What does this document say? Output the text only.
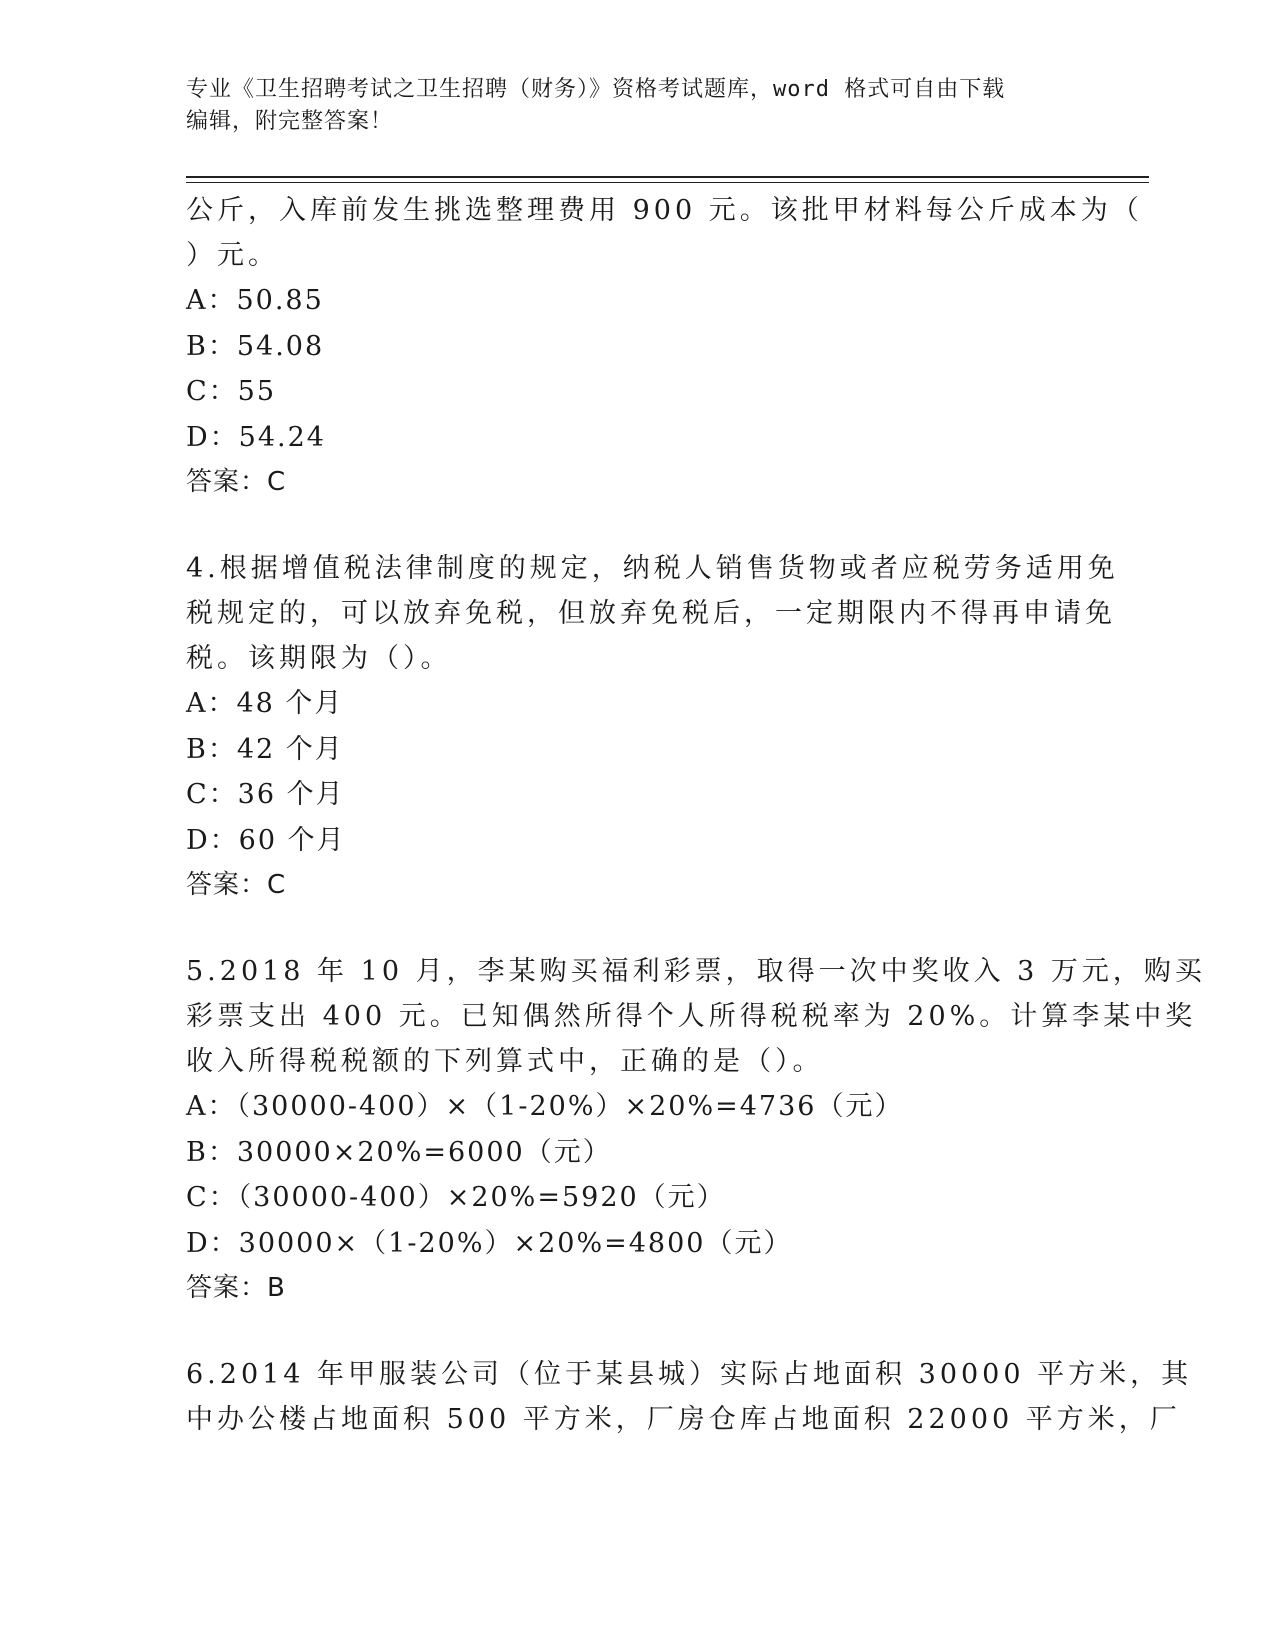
专业《卫生招聘考试之卫生招聘（财务）》资格考试题库，word 格式可自由下载
编辑，附完整答案！
公斤，入库前发生挑选整理费用 900 元。该批甲材料每公斤成本为（
）元。
A：50.85
B：54.08
C：55
D：54.24
答案：C
4.根据增值税法律制度的规定，纳税人销售货物或者应税劳务适用免
税规定的，可以放弃免税，但放弃免税后，一定期限内不得再申请免
税。该期限为（）。
A：48 个月
B：42 个月
C：36 个月
D：60 个月
答案：C
5.2018 年 10 月，李某购买福利彩票，取得一次中奖收入 3 万元，购买
彩票支出 400 元。已知偶然所得个人所得税税率为 20%。计算李某中奖
收入所得税税额的下列算式中，正确的是（）。
A：（30000-400）×（1-20%）×20%=4736（元）
B：30000×20%=6000（元）
C：（30000-400）×20%=5920（元）
D：30000×（1-20%）×20%=4800（元）
答案：B
6.2014 年甲服装公司（位于某县城）实际占地面积 30000 平方米，其
中办公楼占地面积 500 平方米，厂房仓库占地面积 22000 平方米，厂
